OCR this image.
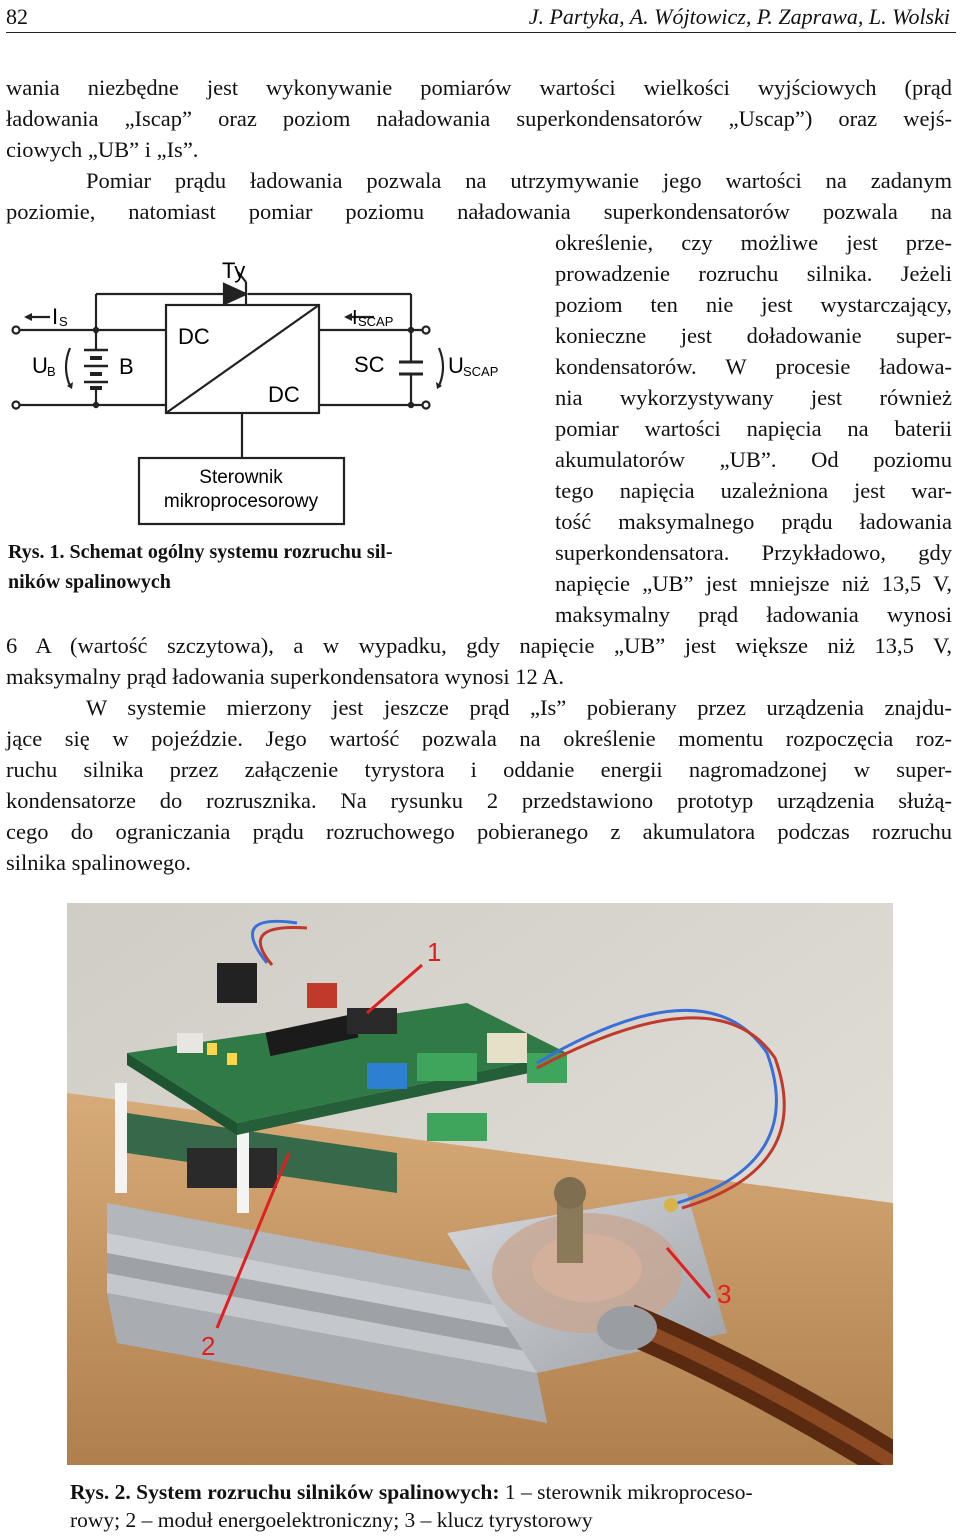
82	J. Partyka, A. Wójtowicz, P. Zaprawa, L. Wolski
wania niezbędne jest wykonywanie pomiarów wartości wielkości wyjściowych (prąd
ładowania „Iscap” oraz poziom naładowania superkondensatorów „Uscap”) oraz wejś-
ciowych „UB” i „Is”.
Pomiar prądu ładowania pozwala na utrzymywanie jego wartości na zadanym
poziomie, natomiast pomiar poziomu naładowania superkondensatorów pozwala na
określenie, czy możliwe jest prze-
prowadzenie rozruchu silnika. Jeżeli
poziom ten nie jest wystarczający,
konieczne jest doładowanie super-
kondensatorów. W procesie ładowa-
nia wykorzystywany jest również
pomiar wartości napięcia na baterii
akumulatorów „UB”. Od poziomu
tego napięcia uzależniona jest war-
tość maksymalnego prądu ładowania
superkondensatora. Przykładowo, gdy
napięcie „UB” jest mniejsze niż 13,5 V,
maksymalny prąd ładowania wynosi
6 A (wartość szczytowa), a w wypadku, gdy napięcie „UB” jest większe niż 13,5 V,
maksymalny prąd ładowania superkondensatora wynosi 12 A.
W systemie mierzony jest jeszcze prąd „Is” pobierany przez urządzenia znajdu-
jące się w pojeździe. Jego wartość pozwala na określenie momentu rozpoczęcia roz-
ruchu silnika przez załączenie tyrystora i oddanie energii nagromadzonej w super-
kondensatorze do rozrusznika. Na rysunku 2 przedstawiono prototyp urządzenia służą-
cego do ograniczania prądu rozruchowego pobieranego z akumulatora podczas rozruchu
silnika spalinowego.
Ty
I S
U B	B
DC
DC
I SCAP
SC	U SCAP
Sterownik
mikroprocesorowy
Rys. 1. Schemat ogólny systemu rozruchu sil-
ników spalinowych
1
2
3
Rys. 2. System rozruchu silników spalinowych: 1 – sterownik mikroproceso-
rowy; 2 – moduł energoelektroniczny; 3 – klucz tyrystorowy
